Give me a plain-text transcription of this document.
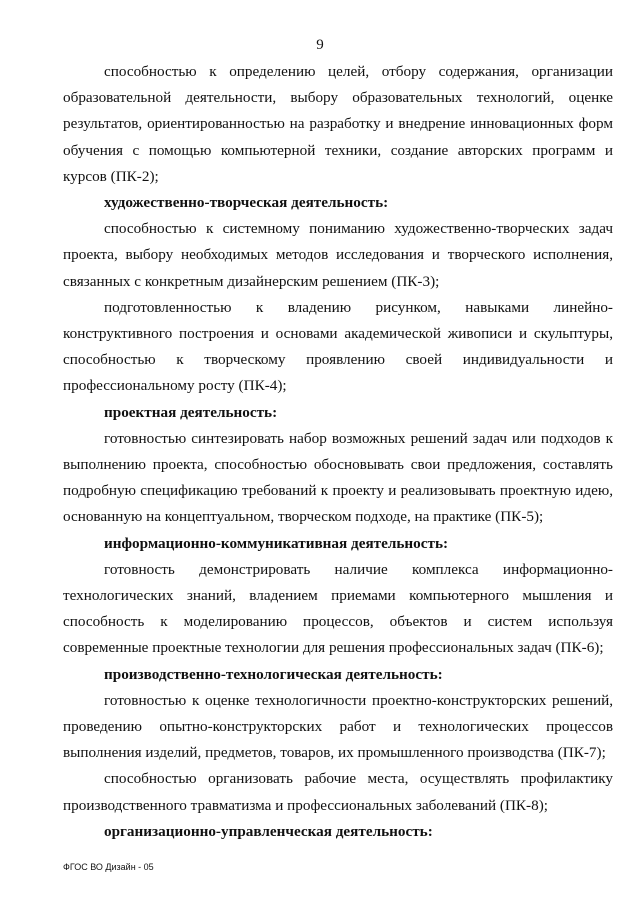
9

способностью к определению целей, отбору содержания, организации образовательной деятельности, выбору образовательных технологий, оценке результатов, ориентированностью на разработку и внедрение инновационных форм обучения с помощью компьютерной техники, создание авторских программ и курсов (ПК-2);

художественно-творческая деятельность:

способностью к системному пониманию художественно-творческих задач проекта, выбору необходимых методов исследования и творческого исполнения, связанных с конкретным дизайнерским решением (ПК-3);

подготовленностью к владению рисунком, навыками линейно-конструктивного построения и основами академической живописи и скульптуры, способностью к творческому проявлению своей индивидуальности и профессиональному росту (ПК-4);

проектная деятельность:

готовностью синтезировать набор возможных решений задач или подходов к выполнению проекта, способностью обосновывать свои предложения, составлять подробную спецификацию требований к проекту и реализовывать проектную идею, основанную на концептуальном, творческом подходе, на практике (ПК-5);

информационно-коммуникативная деятельность:

готовность демонстрировать наличие комплекса информационно-технологических знаний, владением приемами компьютерного мышления и способность к моделированию процессов, объектов и систем используя современные проектные технологии для решения профессиональных задач (ПК-6);

производственно-технологическая деятельность:

готовностью к оценке технологичности проектно-конструкторских решений, проведению опытно-конструкторских работ и технологических процессов выполнения изделий, предметов, товаров, их промышленного производства (ПК-7);

способностью организовать рабочие места, осуществлять профилактику производственного травматизма и профессиональных заболеваний (ПК-8);

организационно-управленческая деятельность:

ФГОС ВО Дизайн - 05
